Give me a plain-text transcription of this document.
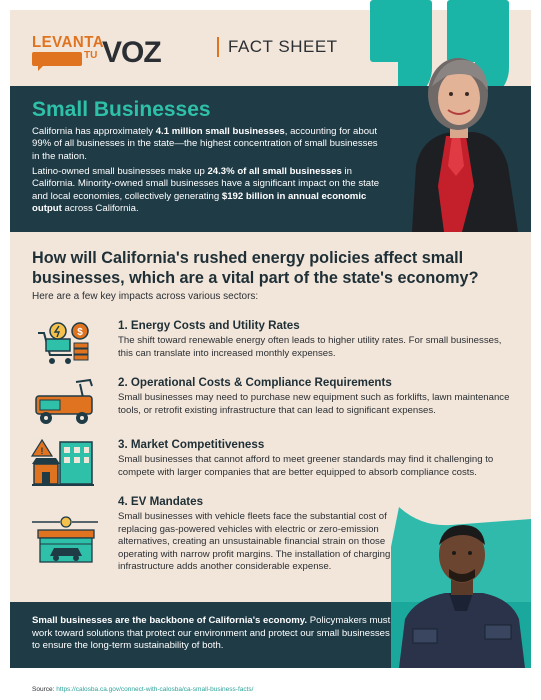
LEVANTA
TU VOZ	FACT SHEET
Small Businesses

California has approximately 4.1 million small businesses, accounting for about 99% of all businesses in the state—the highest concentration of small businesses in the nation.

Latino-owned small businesses make up 24.3% of all small businesses in California. Minority-owned small businesses have a significant impact on the state and local economies, collectively generating $192 billion in annual economic output across California.

How will California's rushed energy policies affect small businesses, which are a vital part of the state's economy?
Here are a few key impacts across various sectors:
$
1. Energy Costs and Utility Rates

The shift toward renewable energy often leads to higher utility rates. For small businesses, this can translate into increased monthly expenses.

2. Operational Costs & Compliance Requirements

Small businesses may need to purchase new equipment such as forklifts, lawn maintenance tools, or retrofit existing infrastructure that can lead to significant expenses.

!	3. Market Competitiveness

Small businesses that cannot afford to meet greener standards may find it challenging to compete with larger companies that are better equipped to absorb compliance costs.

4. EV Mandates

Small businesses with vehicle fleets face the substantial cost of replacing gas-powered vehicles with electric or zero-emission alternatives, creating an unsustainable financial strain on those operating with narrow profit margins. The installation of charging infrastructure adds another considerable expense.

Small businesses are the backbone of California's economy. Policymakers must work toward solutions that protect our environment and protect our small businesses to ensure the long-term sustainability of both.

Source: https://calosba.ca.gov/connect-with-calosba/ca-small-business-facts/
